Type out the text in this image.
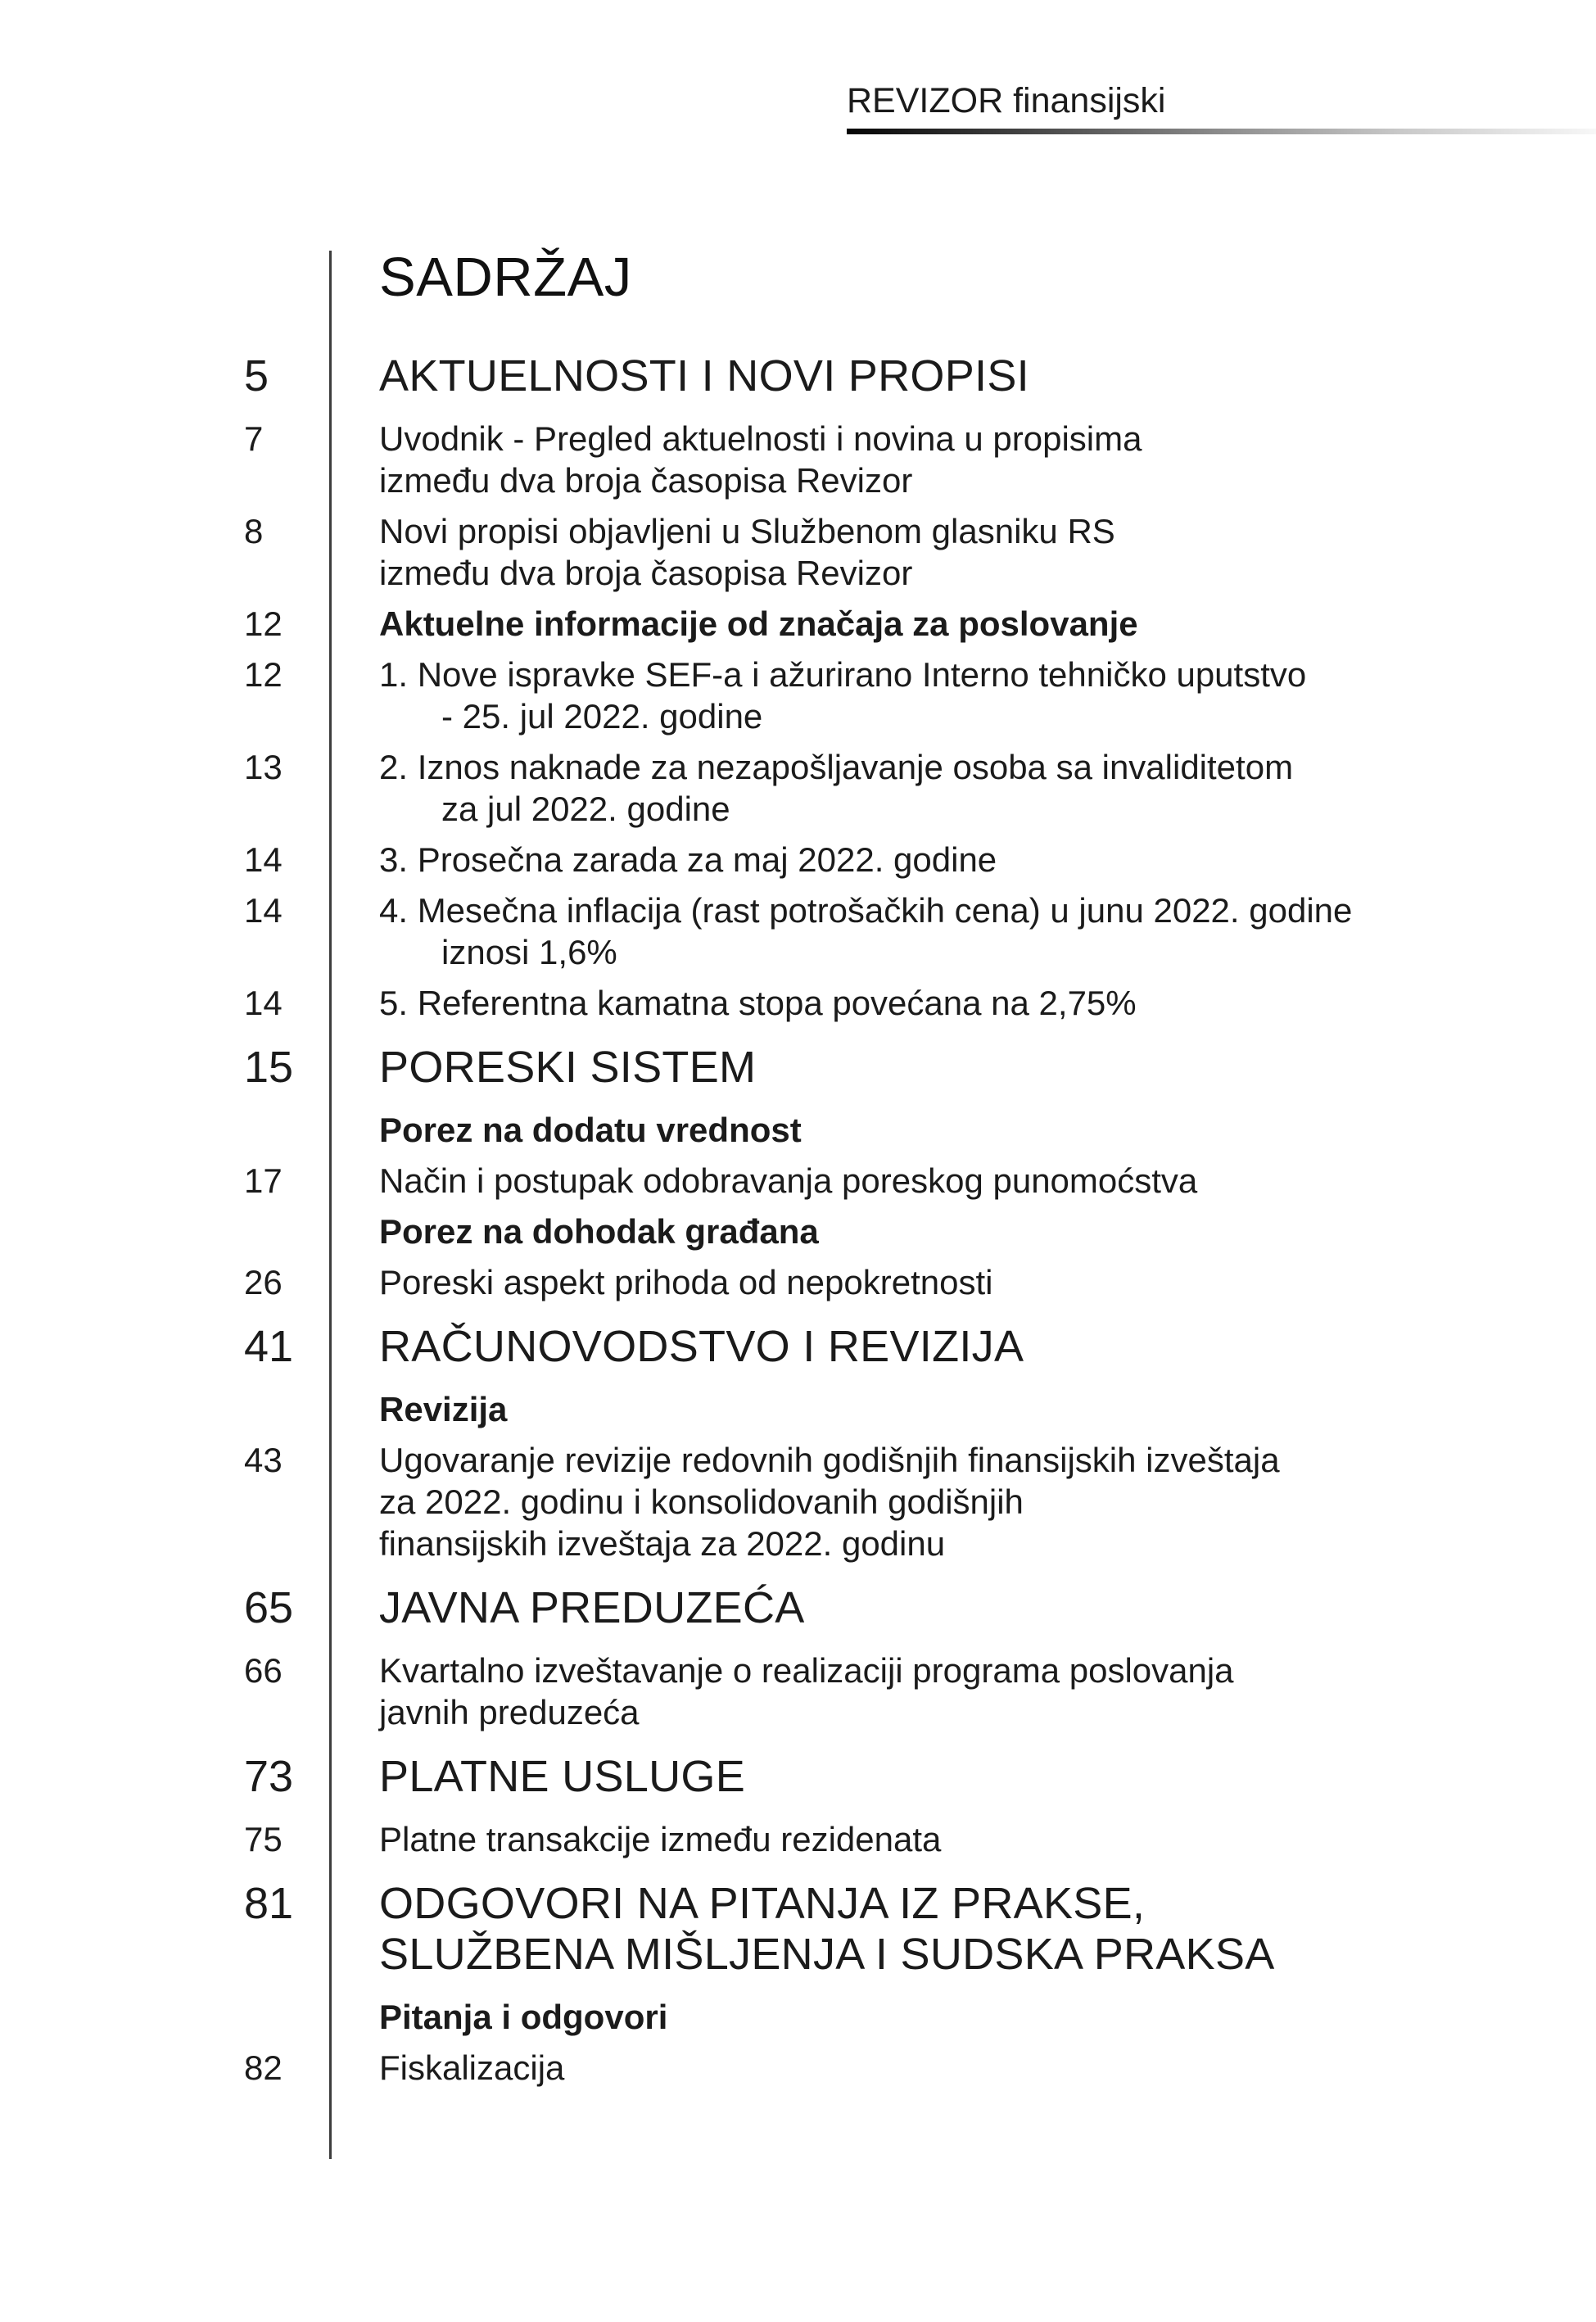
REVIZOR finansijski
SADRŽAJ
5	AKTUELNOSTI I NOVI PROPISI
7	Uvodnik - Pregled aktuelnosti i novina u propisima
između dva broja časopisa Revizor
8	Novi propisi objavljeni u Službenom glasniku RS
između dva broja časopisa Revizor
12	Aktuelne informacije od značaja za poslovanje
12	1. Nove ispravke SEF-a i ažurirano Interno tehničko uputstvo
- 25. jul 2022. godine
13	2. Iznos naknade za nezapošljavanje osoba sa invaliditetom
za jul 2022. godine
14	3. Prosečna zarada za maj 2022. godine
14	4. Mesečna inflacija (rast potrošačkih cena) u junu 2022. godine
iznosi 1,6%
14	5. Referentna kamatna stopa povećana na 2,75%
15	PORESKI SISTEM
Porez na dodatu vrednost
17	Način i postupak odobravanja poreskog punomoćstva
Porez na dohodak građana
26	Poreski aspekt prihoda od nepokretnosti
41	RAČUNOVODSTVO I REVIZIJA
Revizija
43	Ugovaranje revizije redovnih godišnjih finansijskih izveštaja
za 2022. godinu i konsolidovanih godišnjih
finansijskih izveštaja za 2022. godinu
65	JAVNA PREDUZEĆA
66	Kvartalno izveštavanje o realizaciji programa poslovanja
javnih preduzeća
73	PLATNE USLUGE
75	Platne transakcije između rezidenata
81	ODGOVORI NA PITANJA IZ PRAKSE,
SLUŽBENA MIŠLJENJA I SUDSKA PRAKSA
Pitanja i odgovori
82	Fiskalizacija
